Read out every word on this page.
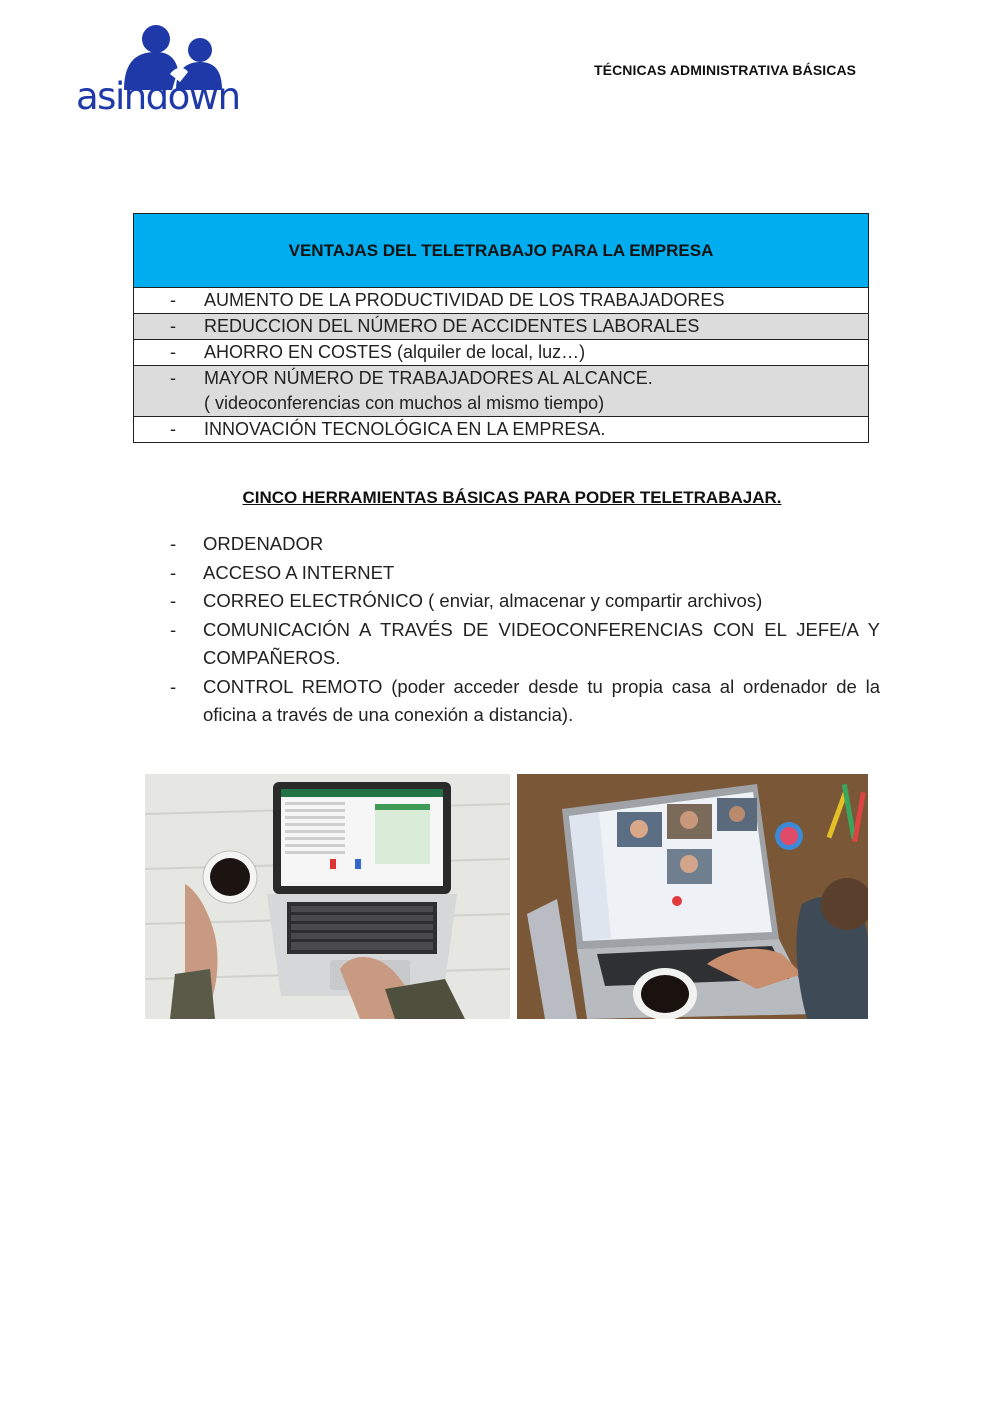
asindown
TÉCNICAS ADMINISTRATIVA BÁSICAS
VENTAJAS DEL TELETRABAJO PARA LA EMPRESA

-	AUMENTO DE LA PRODUCTIVIDAD DE LOS TRABAJADORES

-	REDUCCION DEL NÚMERO DE ACCIDENTES LABORALES

-	AHORRO EN COSTES (alquiler de local, luz…)

-	MAYOR NÚMERO DE TRABAJADORES AL ALCANCE.
( videoconferencias con muchos al mismo tiempo)

-	INNOVACIÓN TECNOLÓGICA EN LA EMPRESA.
CINCO HERRAMIENTAS BÁSICAS PARA PODER TELETRABAJAR.
-	ORDENADOR
-	ACCESO A INTERNET
-	CORREO ELECTRÓNICO ( enviar, almacenar y compartir archivos)
-	COMUNICACIÓN A TRAVÉS DE VIDEOCONFERENCIAS CON EL JEFE/A Y COMPAÑEROS.
-	CONTROL REMOTO (poder acceder desde tu propia casa al ordenador de la oficina a través de una conexión a distancia).
